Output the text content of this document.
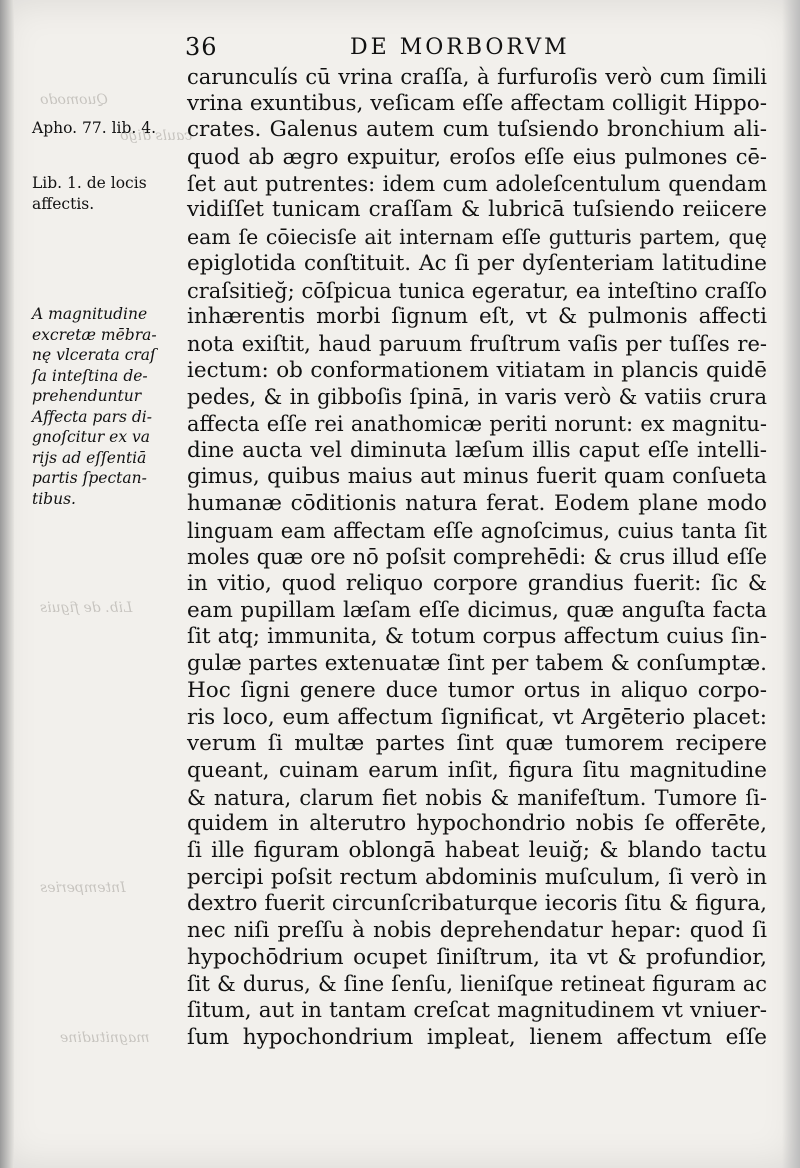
Quomodo
cauls digo
Lib. de figuis
Intemperies
magnitudine
36	DE MORBORVM
Apho. 77. lib. 4.
Lib. 1. de locis
affectis.
A magnitudine
excretæ mēbra-
nę vlcerata craſ
ſa inteſtina de-
prehenduntur
Affecta pars di-
gnoſcitur ex va
rijs ad eſſentiā
partis ſpectan-
tibus.
carunculís cū vrina craſſa, à furfuroſis verò cum ſimili
vrina exuntibus, veſicam eſſe affectam colligit Hippo-
crates. Galenus autem cum tuſsiendo bronchium ali-
quod ab ægro expuitur, eroſos eſſe eius pulmones cē-
ſet aut putrentes: idem cum adoleſcentulum quendam
vidiſſet tunicam craſſam & lubricā tuſsiendo reiicere
eam ſe cōiecisſe ait internam eſſe gutturis partem, quę
epiglotida conſtituit. Ac ſi per dyſenteriam latitudine
craſsitieğ; cōſpicua tunica egeratur, ea inteſtino craſſo
inhærentis morbi ſignum eſt, vt & pulmonis affecti
nota exiſtit, haud paruum fruſtrum vaſis per tuſſes re-
iectum: ob conformationem vitiatam in plancis quidē
pedes, & in gibboſis ſpinā, in varis verò & vatiis crura
affecta eſſe rei anathomicæ periti norunt: ex magnitu-
dine aucta vel diminuta læſum illis caput eſſe intelli-
gimus, quibus maius aut minus fuerit quam conſueta
humanæ cōditionis natura ferat. Eodem plane modo
linguam eam affectam eſſe agnoſcimus, cuius tanta ſit
moles quæ ore nō poſsit comprehēdi: & crus illud eſſe
in vitio, quod reliquo corpore grandius fuerit: ſic &
eam pupillam læſam eſſe dicimus, quæ anguſta facta
ſit atq; immunita, & totum corpus affectum cuius ſin-
gulæ partes extenuatæ ſint per tabem & conſumptæ.
Hoc ſigni genere duce tumor ortus in aliquo corpo-
ris loco, eum affectum ſignificat, vt Argēterio placet:
verum ſi multæ partes ſint quæ tumorem recipere
queant, cuinam earum inſit, figura ſitu magnitudine
& natura, clarum fiet nobis & manifeſtum. Tumore ſi-
quidem in alterutro hypochondrio nobis ſe offerēte,
ſi ille figuram oblongā habeat leuiğ; & blando tactu
percipi poſsit rectum abdominis muſculum, ſi verò in
dextro fuerit circunſcribaturque iecoris ſitu & figura,
nec niſi preſſu à nobis deprehendatur hepar: quod ſi
hypochōdrium ocupet ſiniſtrum, ita vt & profundior,
ſit & durus, & ſine ſenſu, lieniſque retineat figuram ac
ſitum, aut in tantam creſcat magnitudinem vt vniuer-
ſum hypochondrium impleat, lienem affectum eſſe
